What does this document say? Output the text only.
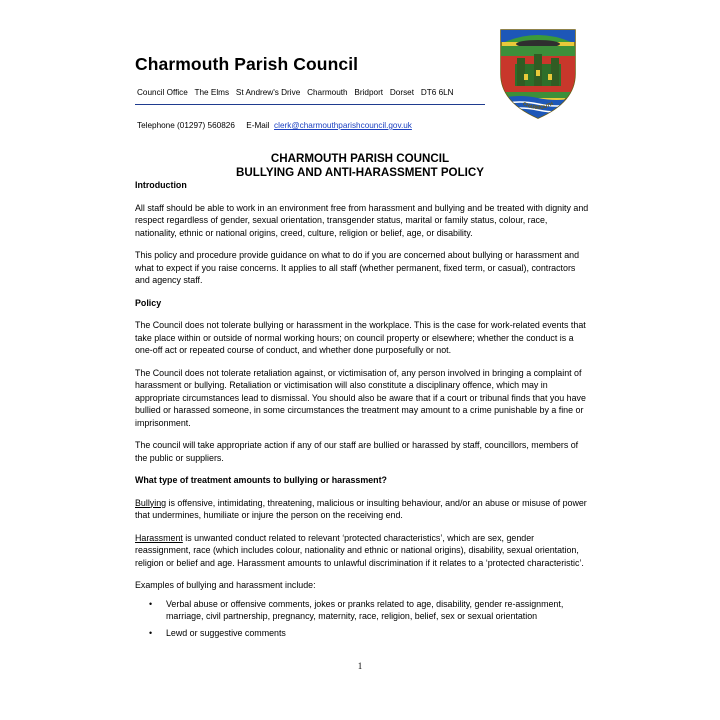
Charmouth Parish Council
Council Office   The Elms   St Andrew's Drive   Charmouth   Bridport   Dorset   DT6 6LN
Telephone (01297) 560826 E-Mail clerk@charmouthparishcouncil.gov.uk
CHARMOUTH
CHARMOUTH PARISH COUNCIL
BULLYING AND ANTI-HARASSMENT POLICY
Introduction

All staff should be able to work in an environment free from harassment and bullying and be treated with dignity and respect regardless of gender, sexual orientation, transgender status, marital or family status, colour, race, nationality, ethnic or national origins, creed, culture, religion or belief, age, or disability.

This policy and procedure provide guidance on what to do if you are concerned about bullying or harassment and what to expect if you raise concerns. It applies to all staff (whether permanent, fixed term, or casual), contractors and agency staff.

Policy

The Council does not tolerate bullying or harassment in the workplace. This is the case for work-related events that take place within or outside of normal working hours; on council property or elsewhere; whether the conduct is a one-off act or repeated course of conduct, and whether done purposefully or not.

The Council does not tolerate retaliation against, or victimisation of, any person involved in bringing a complaint of harassment or bullying. Retaliation or victimisation will also constitute a disciplinary offence, which may in appropriate circumstances lead to dismissal. You should also be aware that if a court or tribunal finds that you have bullied or harassed someone, in some circumstances the treatment may amount to a crime punishable by a fine or imprisonment.

The council will take appropriate action if any of our staff are bullied or harassed by staff, councillors, members of the public or suppliers.

What type of treatment amounts to bullying or harassment?

Bullying is offensive, intimidating, threatening, malicious or insulting behaviour, and/or an abuse or misuse of power that undermines, humiliate or injure the person on the receiving end.

Harassment is unwanted conduct related to relevant ‘protected characteristics’, which are sex, gender reassignment, race (which includes colour, nationality and ethnic or national origins), disability, sexual orientation, religion or belief and age. Harassment amounts to unlawful discrimination if it relates to a ‘protected characteristic’.

Examples of bullying and harassment include:

• Verbal abuse or offensive comments, jokes or pranks related to age, disability, gender re-assignment, marriage, civil partnership, pregnancy, maternity, race, religion, belief, sex or sexual orientation
• Lewd or suggestive comments
1
